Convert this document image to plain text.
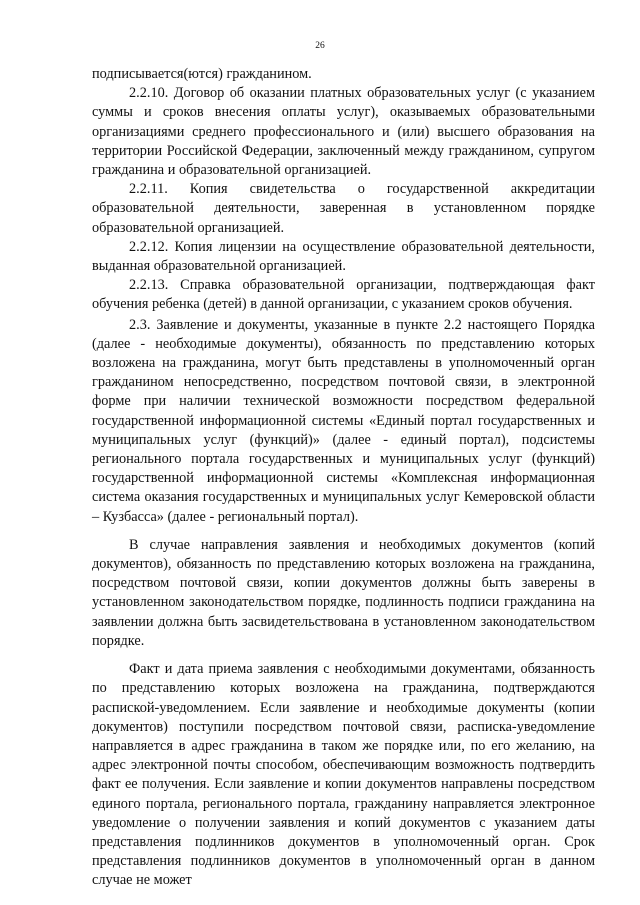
26

подписывается(ются) гражданином.

2.2.10. Договор об оказании платных образовательных услуг (с указанием суммы и сроков внесения оплаты услуг), оказываемых образовательными организациями среднего профессионального и (или) высшего образования на территории Российской Федерации, заключенный между гражданином, супругом гражданина и образовательной организацией.

2.2.11. Копия свидетельства о государственной аккредитации образовательной деятельности, заверенная в установленном порядке образовательной организацией.

2.2.12. Копия лицензии на осуществление образовательной деятельности, выданная образовательной организацией.

2.2.13. Справка образовательной организации, подтверждающая факт обучения ребенка (детей) в данной организации, с указанием сроков обучения.

2.3. Заявление и документы, указанные в пункте 2.2 настоящего Порядка (далее - необходимые документы), обязанность по представлению которых возложена на гражданина, могут быть представлены в уполномоченный орган гражданином непосредственно, посредством почтовой связи, в электронной форме при наличии технической возможности посредством федеральной государственной информационной системы «Единый портал государственных и муниципальных услуг (функций)» (далее - единый портал), подсистемы регионального портала государственных и муниципальных услуг (функций) государственной информационной системы «Комплексная информационная система оказания государственных и муниципальных услуг Кемеровской области – Кузбасса» (далее - региональный портал).

В случае направления заявления и необходимых документов (копий документов), обязанность по представлению которых возложена на гражданина, посредством почтовой связи, копии документов должны быть заверены в установленном законодательством порядке, подлинность подписи гражданина на заявлении должна быть засвидетельствована в установленном законодательством порядке.

Факт и дата приема заявления с необходимыми документами, обязанность по представлению которых возложена на гражданина, подтверждаются распиской-уведомлением. Если заявление и необходимые документы (копии документов) поступили посредством почтовой связи, расписка-уведомление направляется в адрес гражданина в таком же порядке или, по его желанию, на адрес электронной почты способом, обеспечивающим возможность подтвердить факт ее получения. Если заявление и копии документов направлены посредством единого портала, регионального портала, гражданину направляется электронное уведомление о получении заявления и копий документов с указанием даты представления подлинников документов в уполномоченный орган. Срок представления подлинников документов в уполномоченный орган в данном случае не может
